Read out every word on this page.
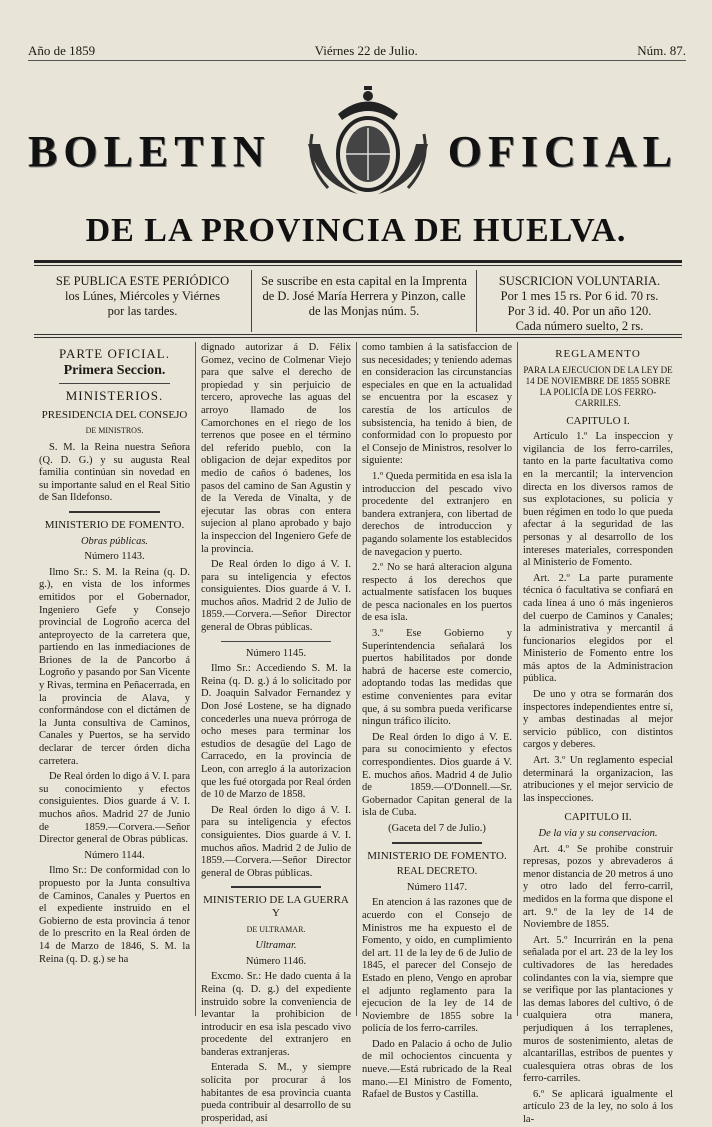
Año de 1859	Viérnes 22 de Julio.	Núm. 87.
BOLETIN	OFICIAL
DE LA PROVINCIA DE HUELVA.
SE PUBLICA ESTE PERIÓDICO
los Lúnes, Miércoles y Viérnes
por las tardes.
Se suscribe en esta capital en la Imprenta
de D. José María Herrera y Pinzon, calle
de las Monjas núm. 5.
SUSCRICION VOLUNTARIA.
Por 1 mes 15 rs. Por 6 id. 70 rs.
Por 3 id. 40. Por un año 120.
Cada número suelto, 2 rs.
PARTE OFICIAL.
Primera Seccion.
MINISTERIOS.
PRESIDENCIA DEL CONSEJO
DE MINISTROS.

S. M. la Reina nuestra Señora (Q. D. G.) y su augusta Real familia continúan sin novedad en su importante salud en el Real Sitio de San Ildefonso.

MINISTERIO DE FOMENTO.

Obras públicas.

Número 1143.

Ilmo Sr.: S. M. la Reina (q. D. g.), en vista de los informes emitidos por el Gobernador, Ingeniero Gefe y Consejo provincial de Logroño acerca del anteproyecto de la carretera que, partiendo en las inmediaciones de Briones de la de Pancorbo á Logroño y pasando por San Vicente y Rivas, termina en Peñacerrada, en la provincia de Alava, y conformándose con el dictámen de la Junta consultiva de Caminos, Canales y Puertos, se ha servido declarar de tercer órden dicha carretera.

De Real órden lo digo á V. I. para su conocimiento y efectos consiguientes. Dios guarde á V. I. muchos años. Madrid 27 de Junio de 1859.—Corvera.—Señor Director general de Obras públicas.

Número 1144.

Ilmo Sr.: De conformidad con lo propuesto por la Junta consultiva de Caminos, Canales y Puertos en el expediente instruido en el Gobierno de esta provincia á tenor de lo prescrito en la Real órden de 14 de Marzo de 1846, S. M. la Reina (q. D. g.) se ha

dignado autorizar á D. Félix Gomez, vecino de Colmenar Viejo para que salve el derecho de propiedad y sin perjuicio de tercero, aproveche las aguas del arroyo llamado de los Camorchones en el riego de los terrenos que posee en el término del referido pueblo, con la obligacion de dejar expeditos por medio de caños ó badenes, los pasos del camino de San Agustin y de la Vereda de Vinalta, y de ejecutar las obras con entera sujecion al plano aprobado y bajo la inspeccion del Ingeniero Gefe de la provincia.

De Real órden lo digo á V. I. para su inteligencia y efectos consiguientes. Dios guarde á V. I. muchos años. Madrid 2 de Julio de 1859.—Corvera.—Señor Director general de Obras públicas.

Número 1145.

Ilmo Sr.: Accediendo S. M. la Reina (q. D. g.) á lo solicitado por D. Joaquin Salvador Fernandez y Don José Lostene, se ha dignado concederles una nueva prórroga de ocho meses para terminar los estudios de desagüe del Lago de Carracedo, en la provincia de Leon, con arreglo á la autorizacion que les fué otorgada por Real órden de 10 de Marzo de 1858.

De Real órden lo digo á V. I. para su inteligencia y efectos consiguientes. Dios guarde á V. I. muchos años. Madrid 2 de Julio de 1859.—Corvera.—Señor Director general de Obras públicas.

MINISTERIO DE LA GUERRA Y
DE ULTRAMAR.

Ultramar.

Número 1146.

Excmo. Sr.: He dado cuenta á la Reina (q. D. g.) del expediente instruido sobre la conveniencia de levantar la prohibicion de introducir en esa isla pescado vivo procedente del extranjero en banderas extranjeras.

Enterada S. M., y siempre solícita por procurar á los habitantes de esa provincia cuanta pueda contribuir al desarrollo de su prosperidad, así

como tambien á la satisfaccion de sus necesidades; y teniendo ademas en consideracion las circunstancias especiales en que en la actualidad se encuentra por la escasez y carestía de los artículos de subsistencia, ha tenido á bien, de conformidad con lo propuesto por el Consejo de Ministros, resolver lo siguiente:

1.º Queda permitida en esa isla la introduccion del pescado vivo procedente del extranjero en bandera extranjera, con libertad de derechos de introduccion y pagando solamente los establecidos de navegacion y puerto.

2.º No se hará alteracion alguna respecto á los derechos que actualmente satisfacen los buques de pesca nacionales en los puertos de esa isla.

3.º Ese Gobierno y Superintendencia señalará los puertos habilitados por donde habrá de hacerse este comercio, adoptando todas las medidas que estime convenientes para evitar que, á su sombra pueda verificarse ningun tráfico ilícito.

De Real órden lo digo á V. E. para su conocimiento y efectos correspondientes. Dios guarde á V. E. muchos años. Madrid 4 de Julio de 1859.—O'Donnell.—Sr. Gobernador Capitan general de la isla de Cuba.

(Gaceta del 7 de Julio.)

MINISTERIO DE FOMENTO.

REAL DECRETO.

Número 1147.

En atencion á las razones que de acuerdo con el Consejo de Ministros me ha expuesto el de Fomento, y oido, en cumplimiento del art. 11 de la ley de 6 de Julio de 1845, el parecer del Consejo de Estado en pleno, Vengo en aprobar el adjunto reglamento para la ejecucion de la ley de 14 de Noviembre de 1855 sobre la policía de los ferro-carriles.

Dado en Palacio á ocho de Julio de mil ochocientos cincuenta y nueve.—Está rubricado de la Real mano.—El Ministro de Fomento, Rafael de Bustos y Castilla.

REGLAMENTO

PARA LA EJECUCION DE LA LEY DE 14 DE NOVIEMBRE DE 1855 SOBRE LA POLICÍA DE LOS FERRO-CARRILES.

CAPITULO I.

Artículo 1.º La inspeccion y vigilancia de los ferro-carriles, tanto en la parte facultativa como en la mercantil; la intervencion directa en los diversos ramos de sus explotaciones, su policía y buen régimen en todo lo que pueda afectar á la seguridad de las personas y al desarrollo de los intereses materiales, corresponden al Ministerio de Fomento.

Art. 2.º La parte puramente técnica ó facultativa se confiará en cada línea á uno ó más ingenieros del cuerpo de Caminos y Canales; la administrativa y mercantil á funcionarios elegidos por el Ministerio de Fomento entre los más aptos de la Administracion pública.

De uno y otra se formarán dos inspectores independientes entre sí, y ambas destinadas al mejor servicio público, con distintos cargos y deberes.

Art. 3.º Un reglamento especial determinará la organizacion, las atribuciones y el mejor servicio de las inspecciones.

CAPITULO II.

De la via y su conservacion.

Art. 4.º Se prohibe construir represas, pozos y abrevaderos á menor distancia de 20 metros á uno y otro lado del ferro-carril, medidos en la forma que dispone el art. 9.º de la ley de 14 de Noviembre de 1855.

Art. 5.º Incurrirán en la pena señalada por el art. 23 de la ley los cultivadores de las heredades colindantes con la via, siempre que se verifique por las plantaciones y las demas labores del cultivo, ó de cualquiera otra manera, perjudiquen á los terraplenes, muros de sostenimiento, aletas de alcantarillas, estribos de puentes y cualesquiera otras obras de los ferro-carriles.

6.º Se aplicará igualmente el artículo 23 de la ley, no solo á los la-
